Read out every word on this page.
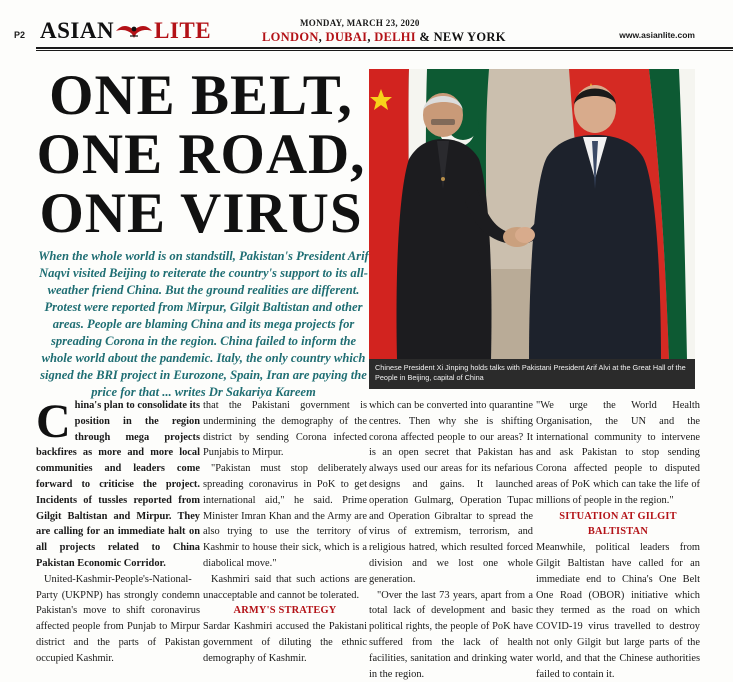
P2 ASIAN LITE	MONDAY, MARCH 23, 2020
LONDON, DUBAI, DELHI & NEW YORK	www.asianlite.com
ONE BELT,
ONE ROAD,
ONE VIRUS

When the whole world is on standstill, Pakistan's President Arif Naqvi visited Beijing to reiterate the country's support to its all-weather friend China. But the ground realities are different. Protest were reported from Mirpur, Gilgit Baltistan and other areas. People are blaming China and its mega projects for spreading Corona in the region. China failed to inform the whole world about the pandemic. Italy, the only country which signed the BRI project in Eurozone, Spain, Iran are paying the price for that ... writes Dr Sakariya Kareem

Chinese President Xi Jinping holds talks with Pakistani President Arif Alvi at the Great Hall of the People in Beijing, capital of China

China's plan to consolidate its position in the region through mega projects backfires as more and more local communities and leaders come forward to criticise the project. Incidents of tussles reported from Gilgit Baltistan and Mirpur. They are calling for an immediate halt on all projects related to China Pakistan Economic Corridor.

United-Kashmir-People's-National-Party (UKPNP) has strongly condemn Pakistan's move to shift coronavirus affected people from Punjab to Mirpur district and the parts of Pakistan occupied Kashmir.

that the Pakistani government is undermining the demography of the district by sending Corona infected Punjabis to Mirpur.

"Pakistan must stop deliberately spreading coronavirus in PoK to get international aid," he said. Prime Minister Imran Khan and the Army are also trying to use the territory of Kashmir to house their sick, which is a diabolical move."

Kashmiri said that such actions are unacceptable and cannot be tolerated.

ARMY'S STRATEGY

Sardar Kashmiri accused the Pakistani government of diluting the ethnic demography of Kashmir.

which can be converted into quarantine centres. Then why she is shifting corona affected people to our areas? It is an open secret that Pakistan has always used our areas for its nefarious designs and gains. It launched operation Gulmarg, Operation Tupac and Operation Gibraltar to spread the virus of extremism, terrorism, and religious hatred, which resulted forced division and we lost one whole generation.

"Over the last 73 years, apart from a total lack of development and basic political rights, the people of PoK have suffered from the lack of health facilities, sanitation and drinking water in the region.

"We urge the World Health Organisation, the UN and the international community to intervene and ask Pakistan to stop sending Corona affected people to disputed areas of PoK which can take the life of millions of people in the region."

SITUATION AT GILGIT
BALTISTAN

Meanwhile, political leaders from Gilgit Baltistan have called for an immediate end to China's One Belt One Road (OBOR) initiative which they termed as the road on which COVID-19 virus travelled to destroy not only Gilgit but large parts of the world, and that the Chinese authorities failed to contain it.
